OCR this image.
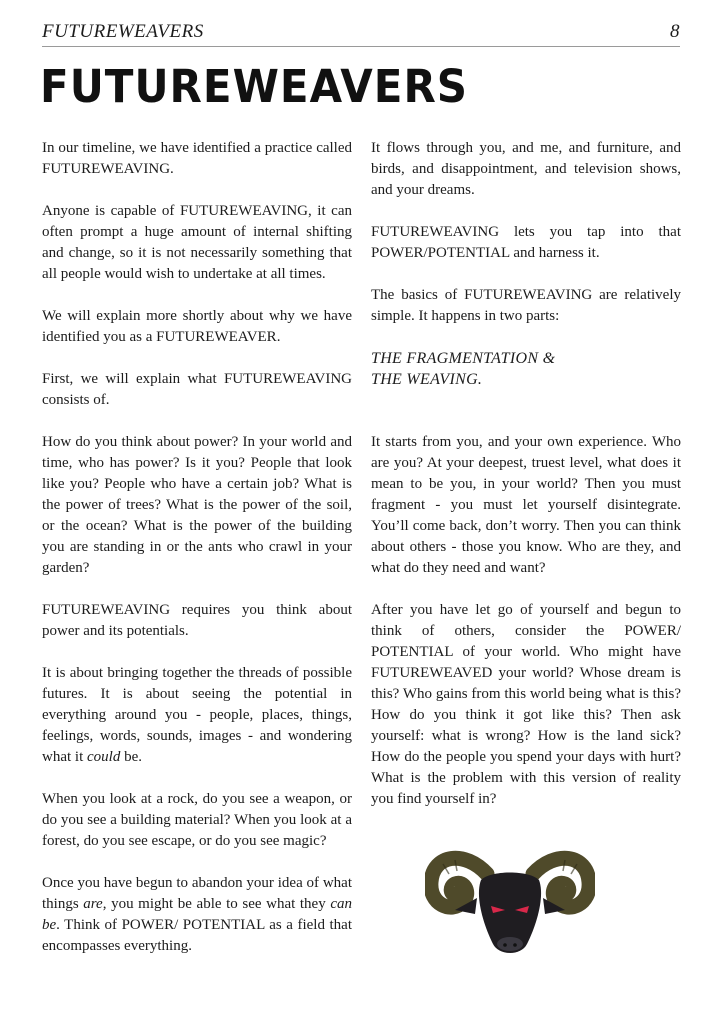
FUTUREWEAVERS	8
FUTUREWEAVERS

In our timeline, we have identified a practice called FUTUREWEAVING.

Anyone is capable of FUTUREWEAVING, it can often prompt a huge amount of internal shifting and change, so it is not necessarily something that all people would wish to undertake at all times.

We will explain more shortly about why we have identified you as a FUTUREWEAVER.

First, we will explain what FUTUREWEAVING consists of.

How do you think about power? In your world and time, who has power? Is it you? People that look like you? People who have a certain job? What is the power of trees? What is the power of the soil, or the ocean? What is the power of the building you are standing in or the ants who crawl in your garden?

FUTUREWEAVING requires you think about power and its potentials.

It is about bringing together the threads of possible futures. It is about seeing the potential in everything around you - people, places, things, feelings, words, sounds, images - and wondering what it could be.

When you look at a rock, do you see a weapon, or do you see a building material? When you look at a forest, do you see escape, or do you see magic?

Once you have begun to abandon your idea of what things are, you might be able to see what they can be. Think of POWER/ POTENTIAL as a field that encompasses everything.

It flows through you, and me, and furniture, and birds, and disappointment, and television shows, and your dreams.

FUTUREWEAVING lets you tap into that POWER/POTENTIAL and harness it.

The basics of FUTUREWEAVING are relatively simple. It happens in two parts:

THE FRAGMENTATION &
THE WEAVING.

It starts from you, and your own experience. Who are you? At your deepest, truest level, what does it mean to be you, in your world? Then you must fragment - you must let yourself disintegrate. You’ll come back, don’t worry. Then you can think about others - those you know. Who are they, and what do they need and want?

After you have let go of yourself and begun to think of others, consider the POWER/ POTENTIAL of your world. Who might have FUTUREWEAVED your world? Whose dream is this? Who gains from this world being what is this? How do you think it got like this? Then ask yourself: what is wrong? How is the land sick? How do the people you spend your days with hurt? What is the problem with this version of reality you find yourself in?
